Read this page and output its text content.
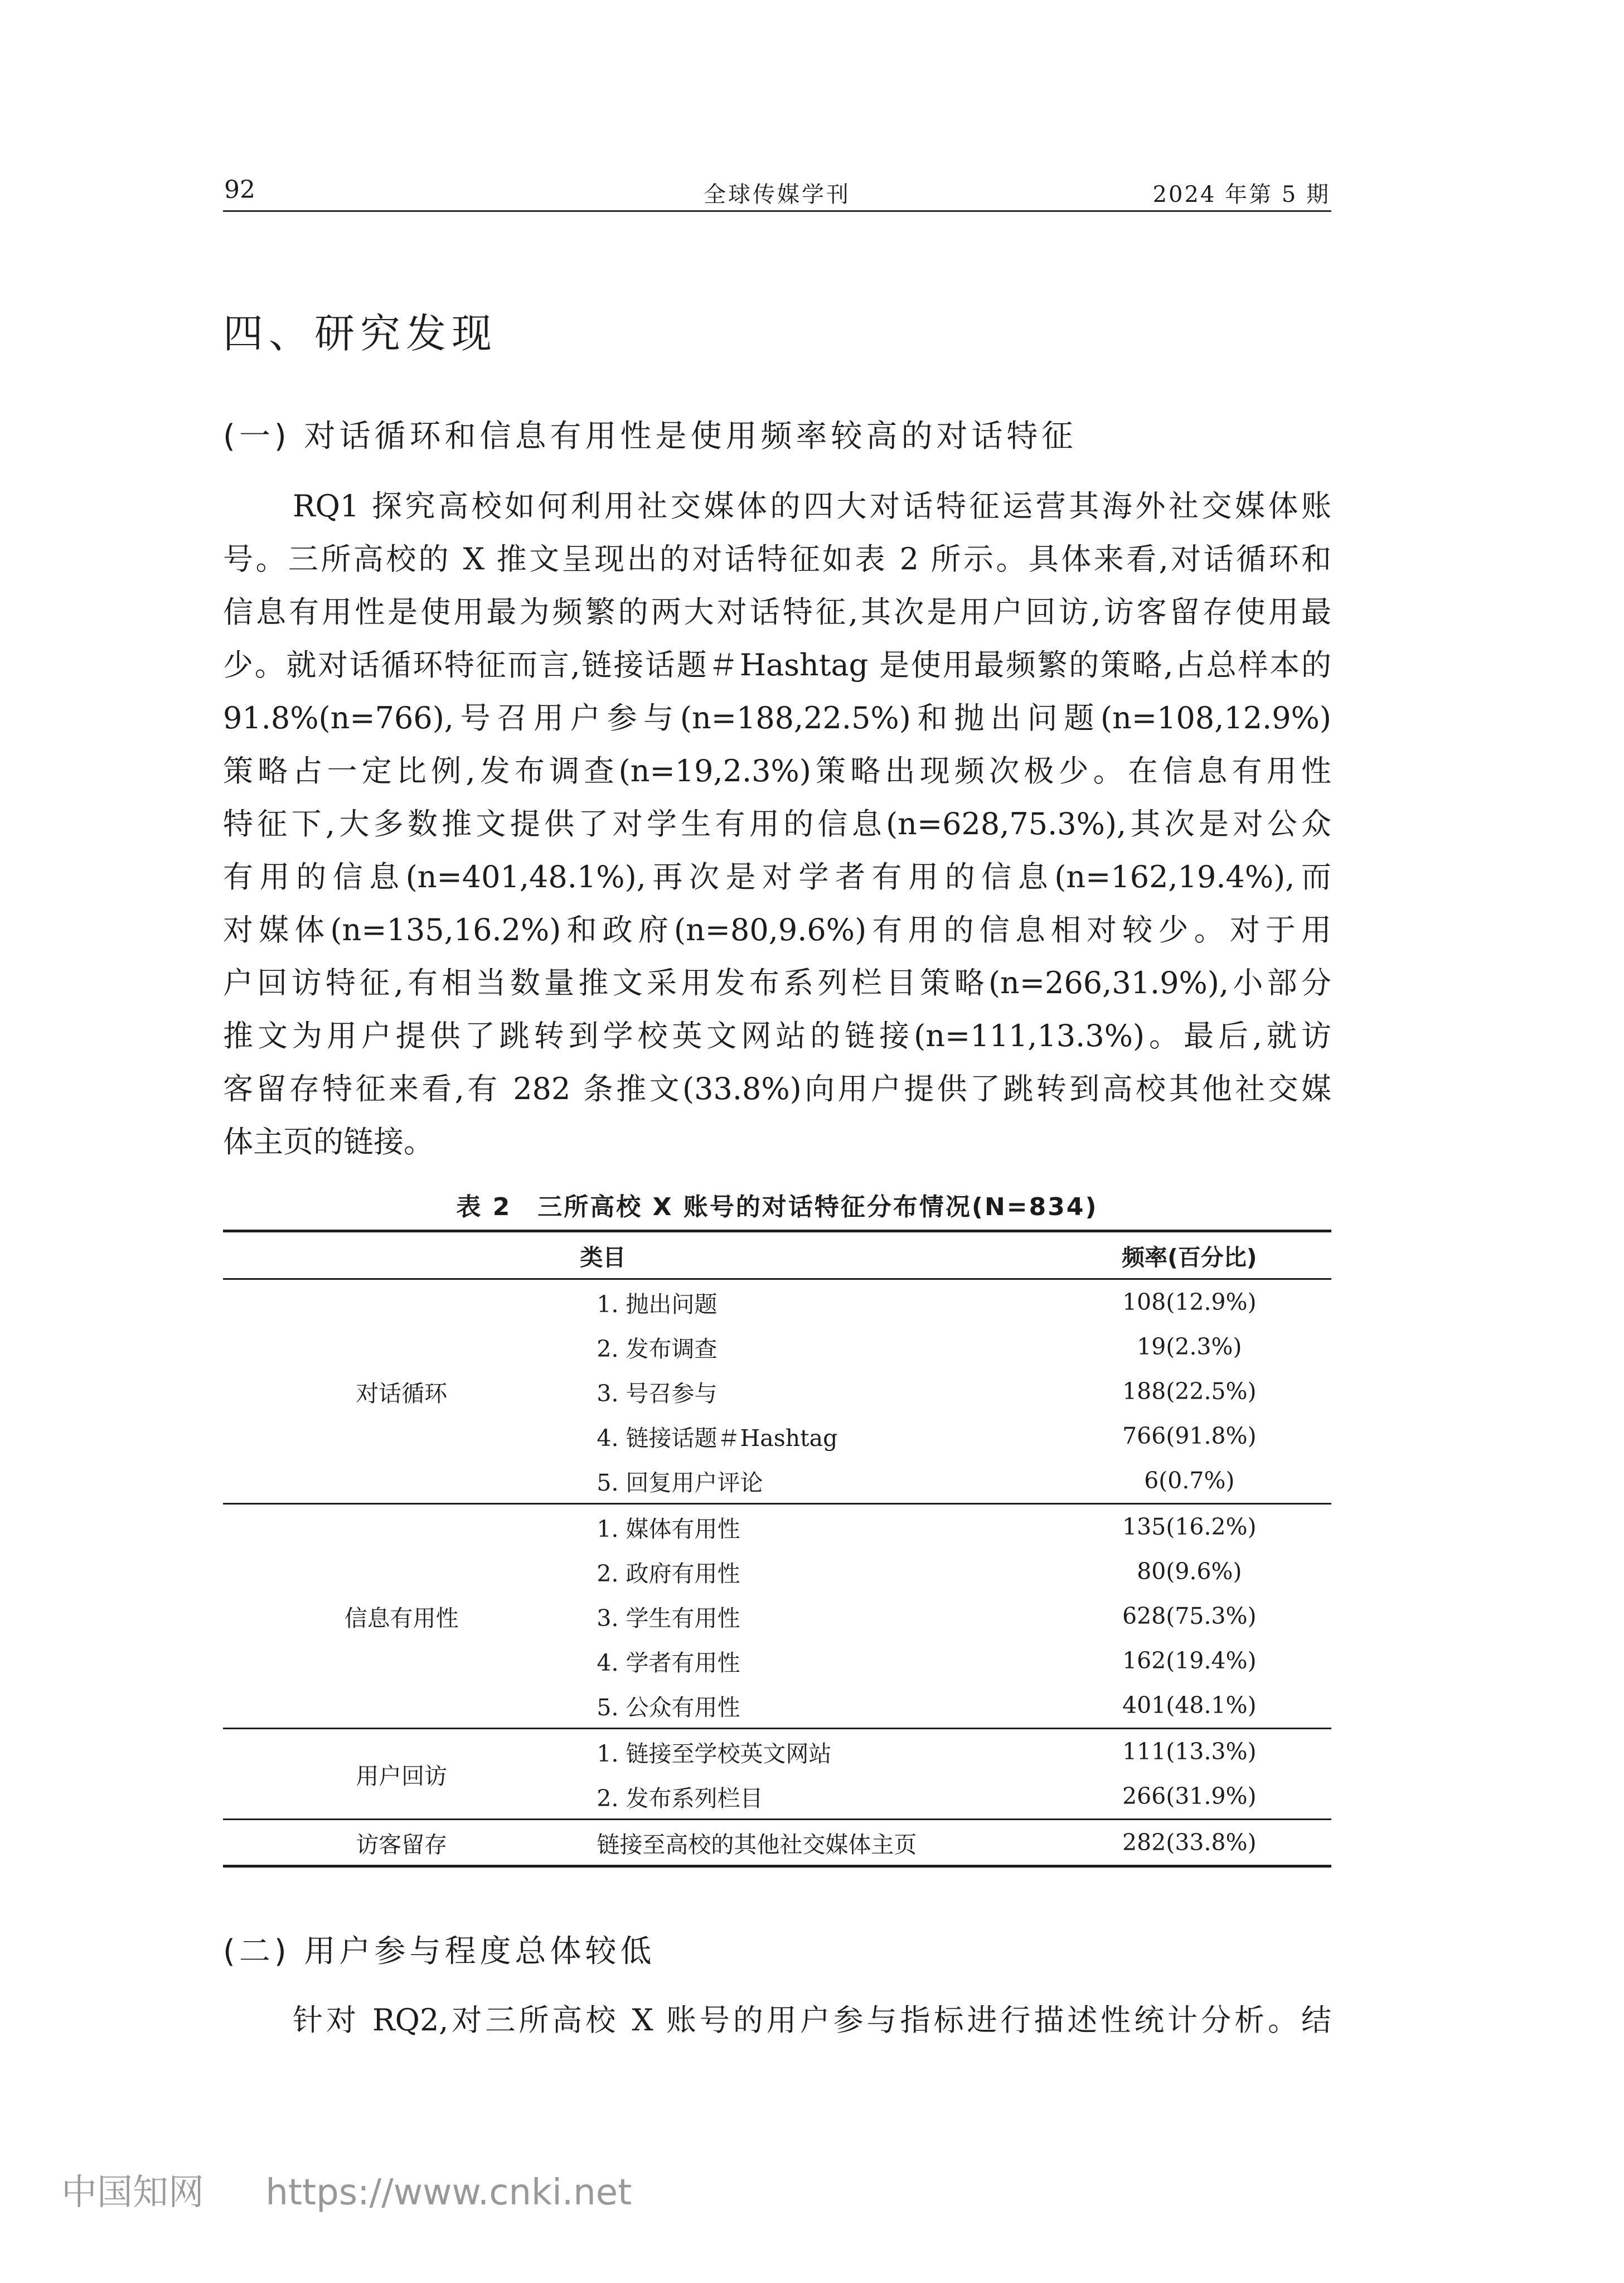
92	全球传媒学刊	2024 年第 5 期
四、研究发现
(一) 对话循环和信息有用性是使用频率较高的对话特征
RQ1 探究高校如何利用社交媒体的四大对话特征运营其海外社交媒体账
号。三所高校的 X 推文呈现出的对话特征如表 2 所示。具体来看,对话循环和
信息有用性是使用最为频繁的两大对话特征,其次是用户回访,访客留存使用最
少。就对话循环特征而言,链接话题＃Hashtag 是使用最频繁的策略,占总样本的
91.8%(n=766),号召用户参与(n=188,22.5%)和抛出问题(n=108,12.9%)
策略占一定比例,发布调查(n=19,2.3%)策略出现频次极少。在信息有用性
特征下,大多数推文提供了对学生有用的信息(n=628,75.3%),其次是对公众
有用的信息(n=401,48.1%),再次是对学者有用的信息(n=162,19.4%),而
对媒体(n=135,16.2%)和政府(n=80,9.6%)有用的信息相对较少。对于用
户回访特征,有相当数量推文采用发布系列栏目策略(n=266,31.9%),小部分
推文为用户提供了跳转到学校英文网站的链接(n=111,13.3%)。最后,就访
客留存特征来看,有 282 条推文(33.8%)向用户提供了跳转到高校其他社交媒
体主页的链接。
表 2　三所高校 X 账号的对话特征分布情况(N=834)
	类目	频率(百分比)
对话循环	1. 抛出问题	108(12.9%)
	2. 发布调查	19(2.3%)
	3. 号召参与	188(22.5%)
	4. 链接话题＃Hashtag	766(91.8%)
	5. 回复用户评论	6(0.7%)
信息有用性	1. 媒体有用性	135(16.2%)
	2. 政府有用性	80(9.6%)
	3. 学生有用性	628(75.3%)
	4. 学者有用性	162(19.4%)
	5. 公众有用性	401(48.1%)
用户回访	1. 链接至学校英文网站	111(13.3%)
	2. 发布系列栏目	266(31.9%)
访客留存	链接至高校的其他社交媒体主页	282(33.8%)
(二) 用户参与程度总体较低
针对 RQ2,对三所高校 X 账号的用户参与指标进行描述性统计分析。结
中国知网 https://www.cnki.net
